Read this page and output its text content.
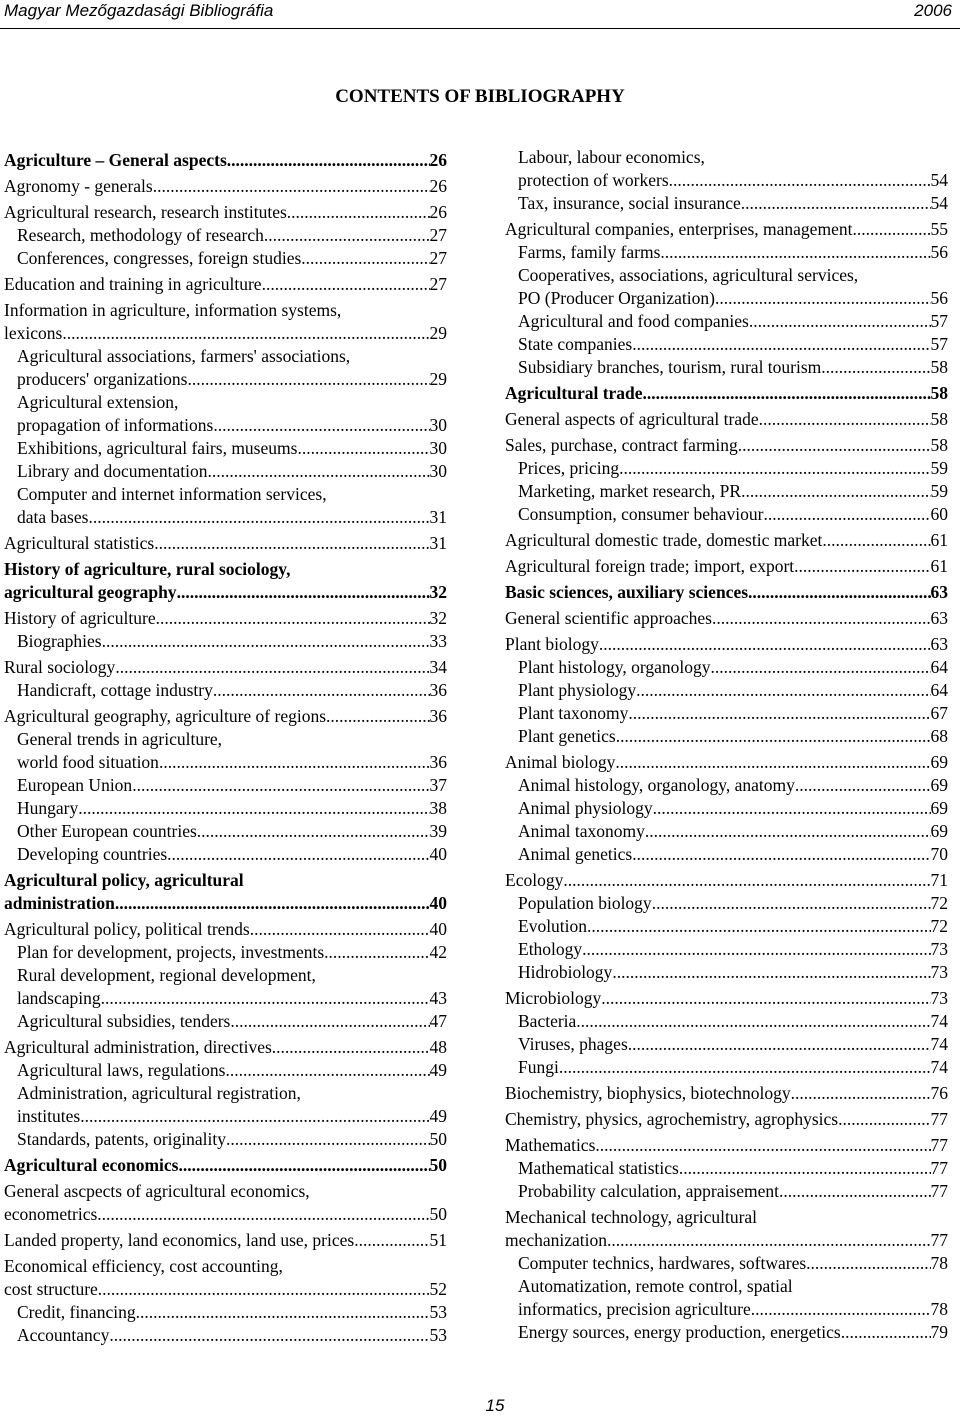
Magyar Mezőgazdasági Bibliográfia	2006
CONTENTS OF BIBLIOGRAPHY
Agriculture – General aspects .....	26
Agronomy - generals .....	26
Agricultural research, research institutes .....	26
Research, methodology of research .....	27
Conferences, congresses, foreign studies .....	27
Education and training in agriculture .....	27
Information in agriculture, information systems,
lexicons .....	29
Agricultural associations, farmers' associations,
producers' organizations .....	29
Agricultural extension,
propagation of informations .....	30
Exhibitions, agricultural fairs, museums .....	30
Library and documentation .....	30
Computer and internet information services,
data bases .....	31
Agricultural statistics .....	31
History of agriculture, rural sociology,
agricultural geography .....	32
History of agriculture .....	32
Biographies .....	33
Rural sociology .....	34
Handicraft, cottage industry .....	36
Agricultural geography, agriculture of regions .....	36
General trends in agriculture,
world food situation .....	36
European Union .....	37
Hungary .....	38
Other European countries .....	39
Developing countries .....	40
Agricultural policy, agricultural
administration .....	40
Agricultural policy, political trends .....	40
Plan for development, projects, investments .....	42
Rural development, regional development,
landscaping .....	43
Agricultural subsidies, tenders .....	47
Agricultural administration, directives .....	48
Agricultural laws, regulations .....	49
Administration, agricultural registration,
institutes .....	49
Standards, patents, originality .....	50
Agricultural economics .....	50
General ascpects of agricultural economics,
econometrics .....	50
Landed property, land economics, land use, prices .....	51
Economical efficiency, cost accounting,
cost structure .....	52
Credit, financing .....	53
Accountancy .....	53
Labour, labour economics,
protection of workers .....	54
Tax, insurance, social insurance .....	54
Agricultural companies, enterprises, management .....	55
Farms, family farms .....	56
Cooperatives, associations, agricultural services,
PO (Producer Organization) .....	56
Agricultural and food companies .....	57
State companies .....	57
Subsidiary branches, tourism, rural tourism .....	58
Agricultural trade .....	58
General aspects of agricultural trade .....	58
Sales, purchase, contract farming .....	58
Prices, pricing .....	59
Marketing, market research, PR .....	59
Consumption, consumer behaviour .....	60
Agricultural domestic trade, domestic market .....	61
Agricultural foreign trade; import, export .....	61
Basic sciences, auxiliary sciences .....	63
General scientific approaches .....	63
Plant biology .....	63
Plant histology, organology .....	64
Plant physiology .....	64
Plant taxonomy .....	67
Plant genetics .....	68
Animal biology .....	69
Animal histology, organology, anatomy .....	69
Animal physiology .....	69
Animal taxonomy .....	69
Animal genetics .....	70
Ecology .....	71
Population biology .....	72
Evolution .....	72
Ethology .....	73
Hidrobiology .....	73
Microbiology .....	73
Bacteria .....	74
Viruses, phages .....	74
Fungi .....	74
Biochemistry, biophysics, biotechnology .....	76
Chemistry, physics, agrochemistry, agrophysics .....	77
Mathematics .....	77
Mathematical statistics .....	77
Probability calculation, appraisement .....	77
Mechanical technology, agricultural
mechanization .....	77
Computer technics, hardwares, softwares .....	78
Automatization, remote control, spatial
informatics, precision agriculture .....	78
Energy sources, energy production, energetics .....	79
15
